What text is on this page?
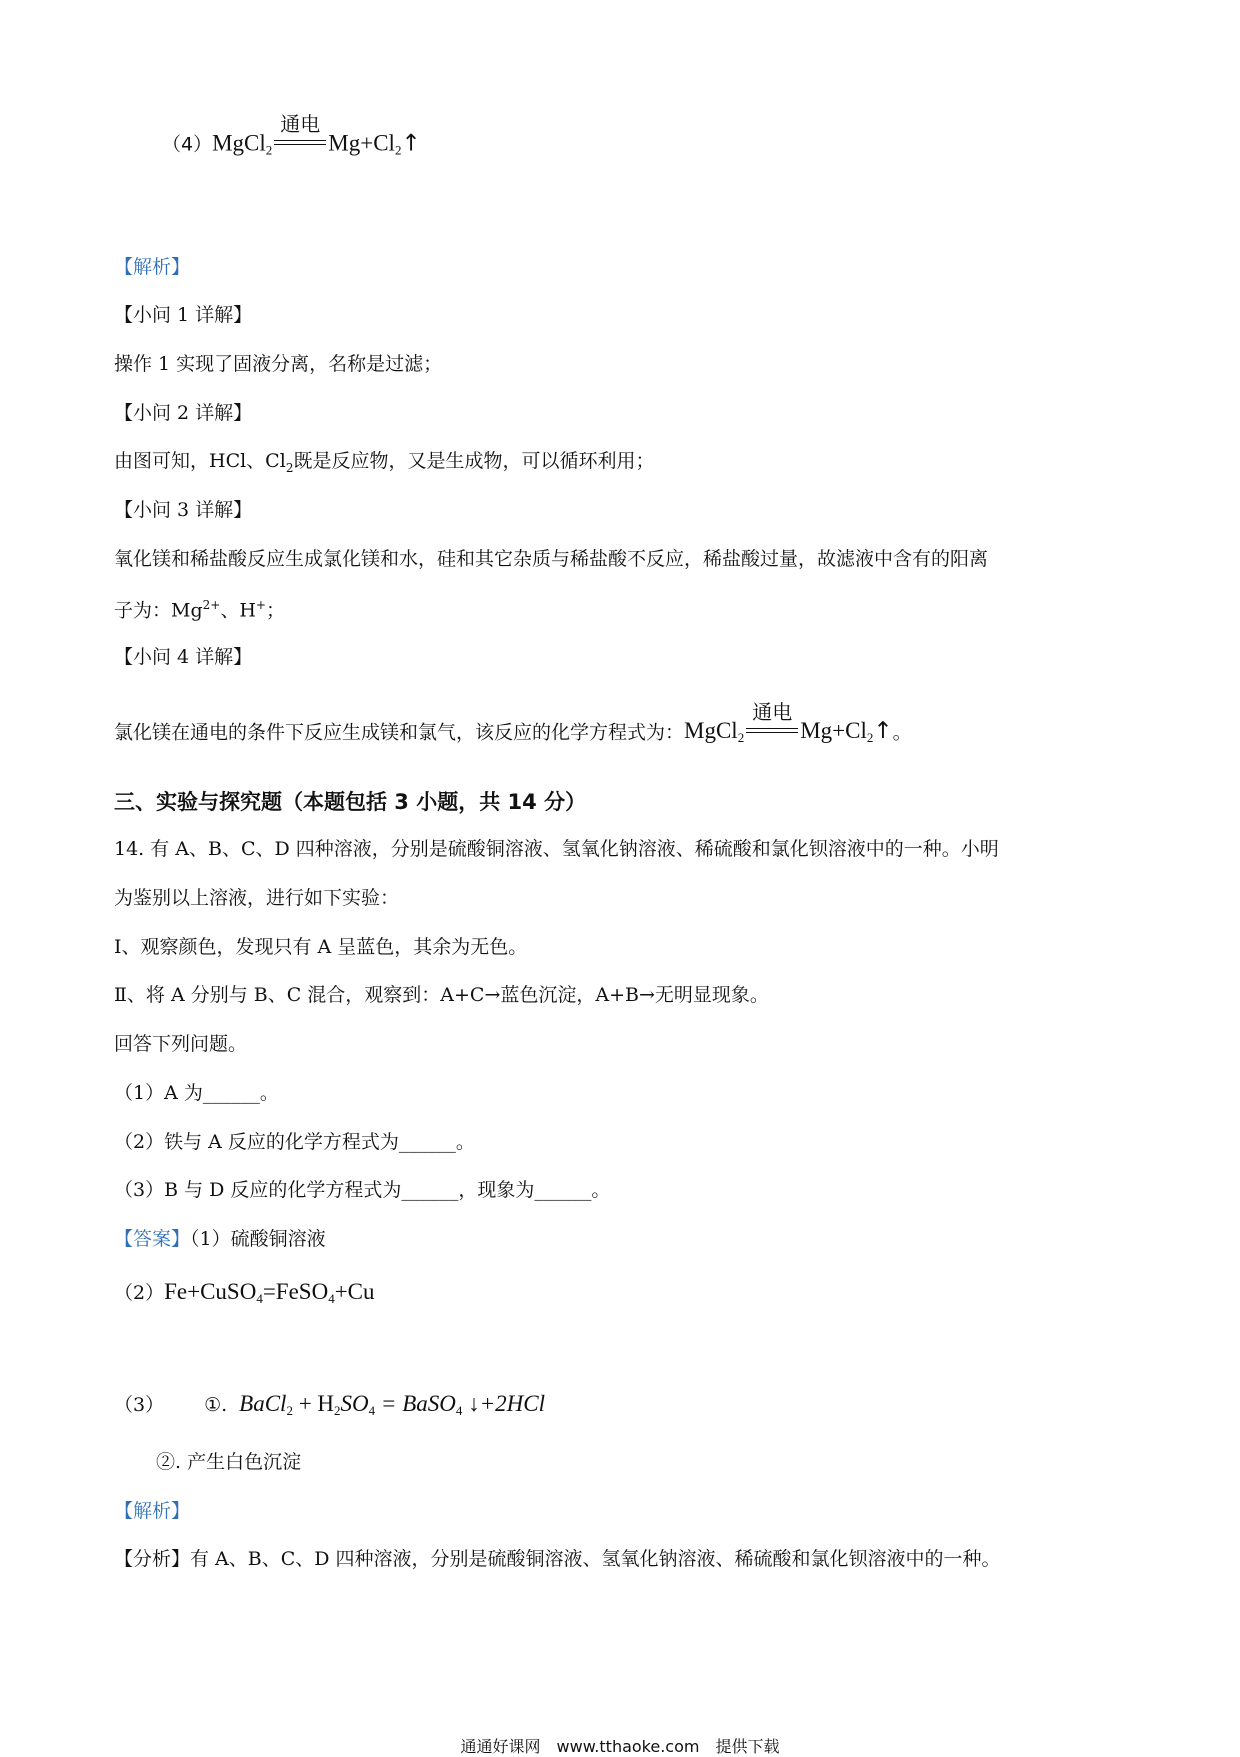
（4）MgCl$_2$
通电
$Mg+Cl_2↑$
【解析】
【小问 1 详解】
操作 1 实现了固液分离，名称是过滤；
【小问 2 详解】
由图可知，HCl、$Cl_2$既是反应物，又是生成物，可以循环利用；
【小问 3 详解】
氧化镁和稀盐酸反应生成氯化镁和水，硅和其它杂质与稀盐酸不反应，稀盐酸过量，故滤液中含有的阳离
子为：$Mg^{2+}$、H+；
【小问 4 详解】
氯化镁在通电的条件下反应生成镁和氯气，该反应的化学方程式为：MgCl$_2$
通电
$Mg+Cl_2↑$。
三、实验与探究题（本题包括 3 小题，共 14 分）
14. 有 A、B、C、D 四种溶液，分别是硫酸铜溶液、氢氧化钠溶液、稀硫酸和氯化钡溶液中的一种。小明
为鉴别以上溶液，进行如下实验：
I、观察颜色，发现只有 A 呈蓝色，其余为无色。
Ⅱ、将 A 分别与 B、C 混合，观察到：A+C→蓝色沉淀，A+B→无明显现象。
回答下列问题。
（1）A 为______。
（2）铁与 A 反应的化学方程式为______。
（3）B 与 D 反应的化学方程式为______，现象为______。
【答案】（1）硫酸铜溶液
（2）Fe+CuSO$_4$=FeSO$_4$+Cu
（3） ①. BaCl$_2$ + $H_2SO_4$ = BaSO$_4$ ↓+2HCl
②. 产生白色沉淀
【解析】
【分析】有 A、B、C、D 四种溶液，分别是硫酸铜溶液、氢氧化钠溶液、稀硫酸和氯化钡溶液中的一种。
通通好课网　www.tthaoke.com　提供下载
